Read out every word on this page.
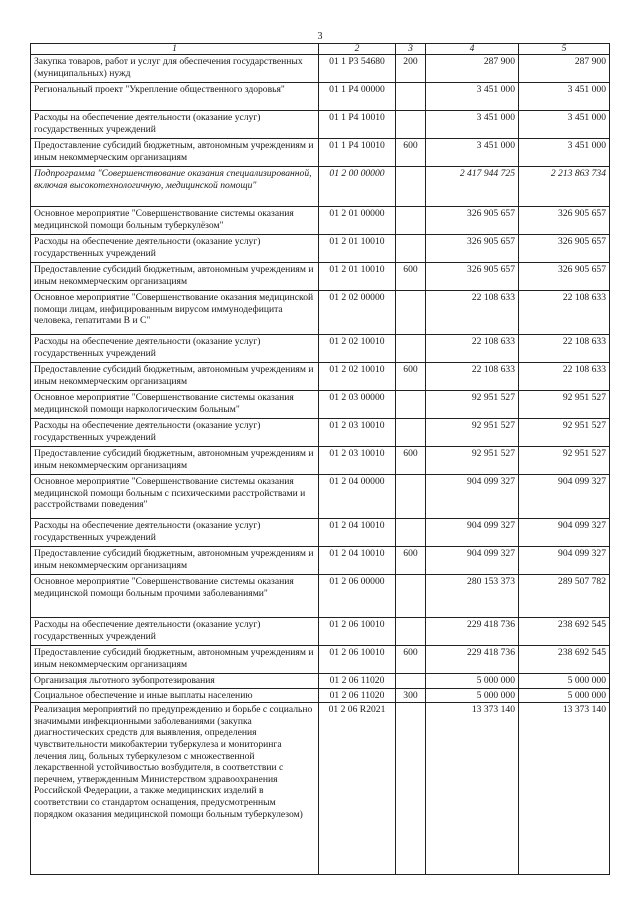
3
1	2	3	4	5
Закупка товаров, работ и услуг для обеспечения государственных (муниципальных) нужд	01 1 P3 54680	200	287 900	287 900
Региональный проект "Укрепление общественного здоровья"	01 1 P4 00000		3 451 000	3 451 000
Расходы на обеспечение деятельности (оказание услуг) государственных учреждений	01 1 P4 10010		3 451 000	3 451 000
Предоставление субсидий бюджетным, автономным учреждениям и иным некоммерческим организациям	01 1 P4 10010	600	3 451 000	3 451 000
Подпрограмма "Совершенствование оказания специализированной, включая высокотехнологичную, медицинской помощи"	01 2 00 00000		2 417 944 725	2 213 863 734
Основное мероприятие "Совершенствование системы оказания медицинской помощи больным туберкулёзом"	01 2 01 00000		326 905 657	326 905 657
Расходы на обеспечение деятельности (оказание услуг) государственных учреждений	01 2 01 10010		326 905 657	326 905 657
Предоставление субсидий бюджетным, автономным учреждениям и иным некоммерческим организациям	01 2 01 10010	600	326 905 657	326 905 657
Основное мероприятие "Совершенствование оказания медицинской помощи лицам, инфицированным вирусом иммунодефицита человека, гепатитами B и C"	01 2 02 00000		22 108 633	22 108 633
Расходы на обеспечение деятельности (оказание услуг) государственных учреждений	01 2 02 10010		22 108 633	22 108 633
Предоставление субсидий бюджетным, автономным учреждениям и иным некоммерческим организациям	01 2 02 10010	600	22 108 633	22 108 633
Основное мероприятие "Совершенствование системы оказания медицинской помощи наркологическим больным"	01 2 03 00000		92 951 527	92 951 527
Расходы на обеспечение деятельности (оказание услуг) государственных учреждений	01 2 03 10010		92 951 527	92 951 527
Предоставление субсидий бюджетным, автономным учреждениям и иным некоммерческим организациям	01 2 03 10010	600	92 951 527	92 951 527
Основное мероприятие "Совершенствование системы оказания медицинской помощи больным с психическими расстройствами и расстройствами поведения"	01 2 04 00000		904 099 327	904 099 327
Расходы на обеспечение деятельности (оказание услуг) государственных учреждений	01 2 04 10010		904 099 327	904 099 327
Предоставление субсидий бюджетным, автономным учреждениям и иным некоммерческим организациям	01 2 04 10010	600	904 099 327	904 099 327
Основное мероприятие "Совершенствование системы оказания медицинской помощи больным прочими заболеваниями"	01 2 06 00000		280 153 373	289 507 782
Расходы на обеспечение деятельности (оказание услуг) государственных учреждений	01 2 06 10010		229 418 736	238 692 545
Предоставление субсидий бюджетным, автономным учреждениям и иным некоммерческим организациям	01 2 06 10010	600	229 418 736	238 692 545
Организация льготного зубопротезирования	01 2 06 11020		5 000 000	5 000 000
Социальное обеспечение и иные выплаты населению	01 2 06 11020	300	5 000 000	5 000 000
Реализация мероприятий по предупреждению и борьбе с социально значимыми инфекционными заболеваниями (закупка диагностических средств для выявления, определения чувствительности микобактерии туберкулеза и мониторинга лечения лиц, больных туберкулезом с множественной лекарственной устойчивостью возбудителя, в соответствии с перечнем, утвержденным Министерством здравоохранения Российской Федерации, а также медицинских изделий в соответствии со стандартом оснащения, предусмотренным порядком оказания медицинской помощи больным туберкулезом)	01 2 06 R2021		13 373 140	13 373 140
